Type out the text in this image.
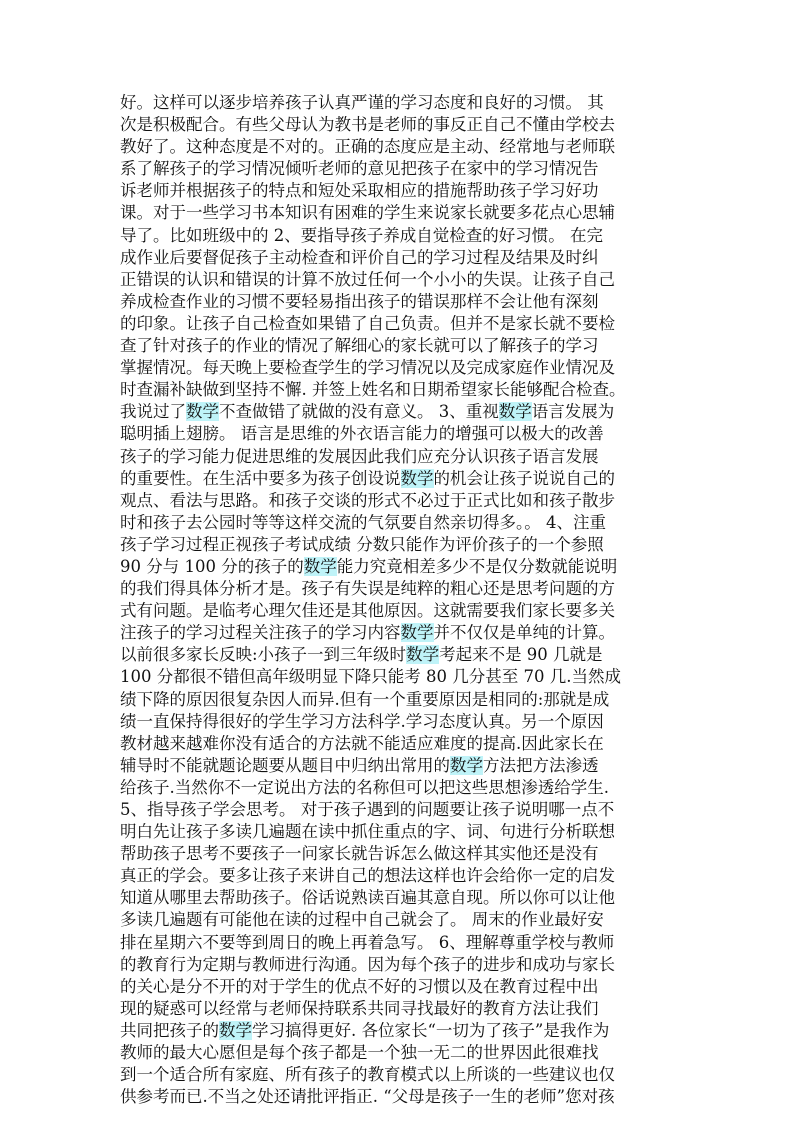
好。这样可以逐步培养孩子认真严谨的学习态度和良好的习惯。 其
次是积极配合。有些父母认为教书是老师的事反正自己不懂由学校去
教好了。这种态度是不对的。正确的态度应是主动、经常地与老师联
系了解孩子的学习情况倾听老师的意见把孩子在家中的学习情况告
诉老师并根据孩子的特点和短处采取相应的措施帮助孩子学习好功
课。对于一些学习书本知识有困难的学生来说家长就要多花点心思辅
导了。比如班级中的 2、要指导孩子养成自觉检查的好习惯。 在完
成作业后要督促孩子主动检查和评价自己的学习过程及结果及时纠
正错误的认识和错误的计算不放过任何一个小小的失误。让孩子自己
养成检查作业的习惯不要轻易指出孩子的错误那样不会让他有深刻
的印象。让孩子自己检查如果错了自己负责。但并不是家长就不要检
查了针对孩子的作业的情况了解细心的家长就可以了解孩子的学习
掌握情况。每天晚上要检查学生的学习情况以及完成家庭作业情况及
时查漏补缺做到坚持不懈. 并签上姓名和日期希望家长能够配合检查。
我说过了数学不查做错了就做的没有意义。 3、重视数学语言发展为
聪明插上翅膀。 语言是思维的外衣语言能力的增强可以极大的改善
孩子的学习能力促进思维的发展因此我们应充分认识孩子语言发展
的重要性。在生活中要多为孩子创设说数学的机会让孩子说说自己的
观点、看法与思路。和孩子交谈的形式不必过于正式比如和孩子散步
时和孩子去公园时等等这样交流的气氛要自然亲切得多。。 4、注重
孩子学习过程正视孩子考试成绩 分数只能作为评价孩子的一个参照
90 分与 100 分的孩子的数学能力究竟相差多少不是仅分数就能说明
的我们得具体分析才是。孩子有失误是纯粹的粗心还是思考问题的方
式有问题。是临考心理欠佳还是其他原因。这就需要我们家长要多关
注孩子的学习过程关注孩子的学习内容数学并不仅仅是单纯的计算。
以前很多家长反映:小孩子一到三年级时数学考起来不是 90 几就是
100 分都很不错但高年级明显下降只能考 80 几分甚至 70 几.当然成
绩下降的原因很复杂因人而异.但有一个重要原因是相同的:那就是成
绩一直保持得很好的学生学习方法科学.学习态度认真。另一个原因
教材越来越难你没有适合的方法就不能适应难度的提高.因此家长在
辅导时不能就题论题要从题目中归纳出常用的数学方法把方法渗透
给孩子.当然你不一定说出方法的名称但可以把这些思想渗透给学生.
5、指导孩子学会思考。 对于孩子遇到的问题要让孩子说明哪一点不
明白先让孩子多读几遍题在读中抓住重点的字、词、句进行分析联想
帮助孩子思考不要孩子一问家长就告诉怎么做这样其实他还是没有
真正的学会。要多让孩子来讲自己的想法这样也许会给你一定的启发
知道从哪里去帮助孩子。俗话说熟读百遍其意自现。所以你可以让他
多读几遍题有可能他在读的过程中自己就会了。 周末的作业最好安
排在星期六不要等到周日的晚上再着急写。 6、理解尊重学校与教师
的教育行为定期与教师进行沟通。因为每个孩子的进步和成功与家长
的关心是分不开的对于学生的优点不好的习惯以及在教育过程中出
现的疑惑可以经常与老师保持联系共同寻找最好的教育方法让我们
共同把孩子的数学学习搞得更好. 各位家长“一切为了孩子”是我作为
教师的最大心愿但是每个孩子都是一个独一无二的世界因此很难找
到一个适合所有家庭、所有孩子的教育模式以上所谈的一些建议也仅
供参考而已.不当之处还请批评指正. “父母是孩子一生的老师”您对孩
